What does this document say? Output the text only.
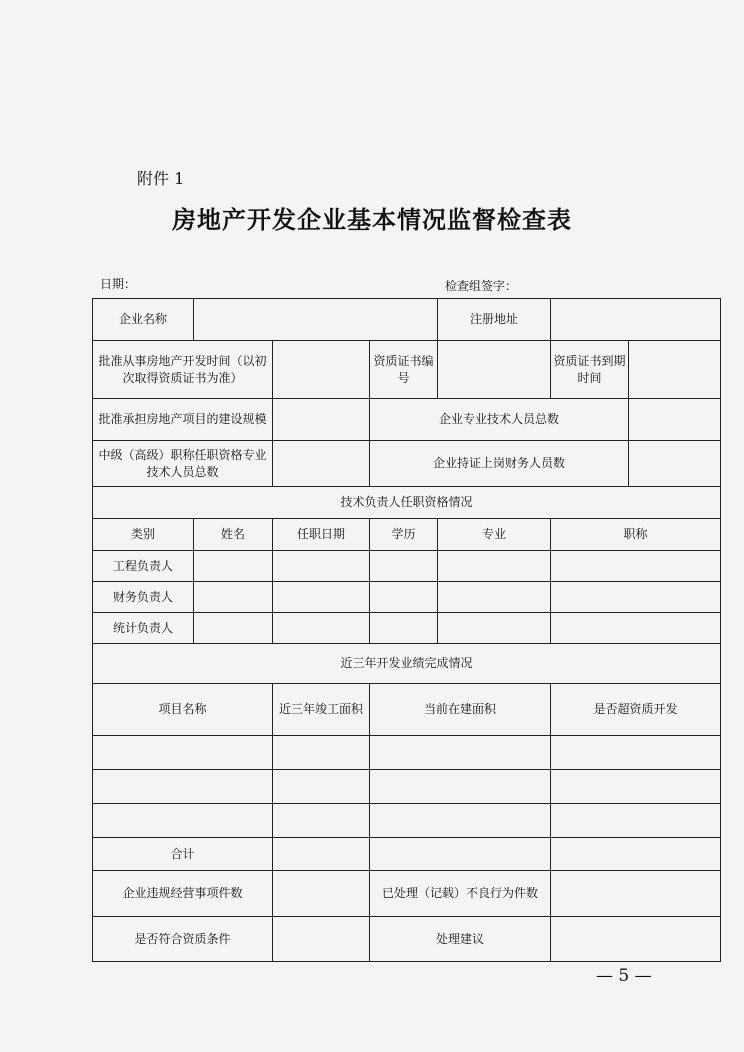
附件 1
房地产开发企业基本情况监督检查表
日期：	检查组签字：
企业名称				注册地址		
批准从事房地产开发时间（以初次取得资质证书为准）			资质证书编号		资质证书到期时间	
批准承担房地产项目的建设规模			企业专业技术人员总数			
中级（高级）职称任职资格专业技术人员总数			企业持证上岗财务人员数			
技术负责人任职资格情况						
类别	姓名	任职日期	学历	专业	职称	
工程负责人						
财务负责人						
统计负责人						
近三年开发业绩完成情况						
项目名称		近三年竣工面积	当前在建面积		是否超资质开发	

合计						
企业违规经营事项件数			已处理（记载）不良行为件数			
是否符合资质条件			处理建议			
— 5 —
